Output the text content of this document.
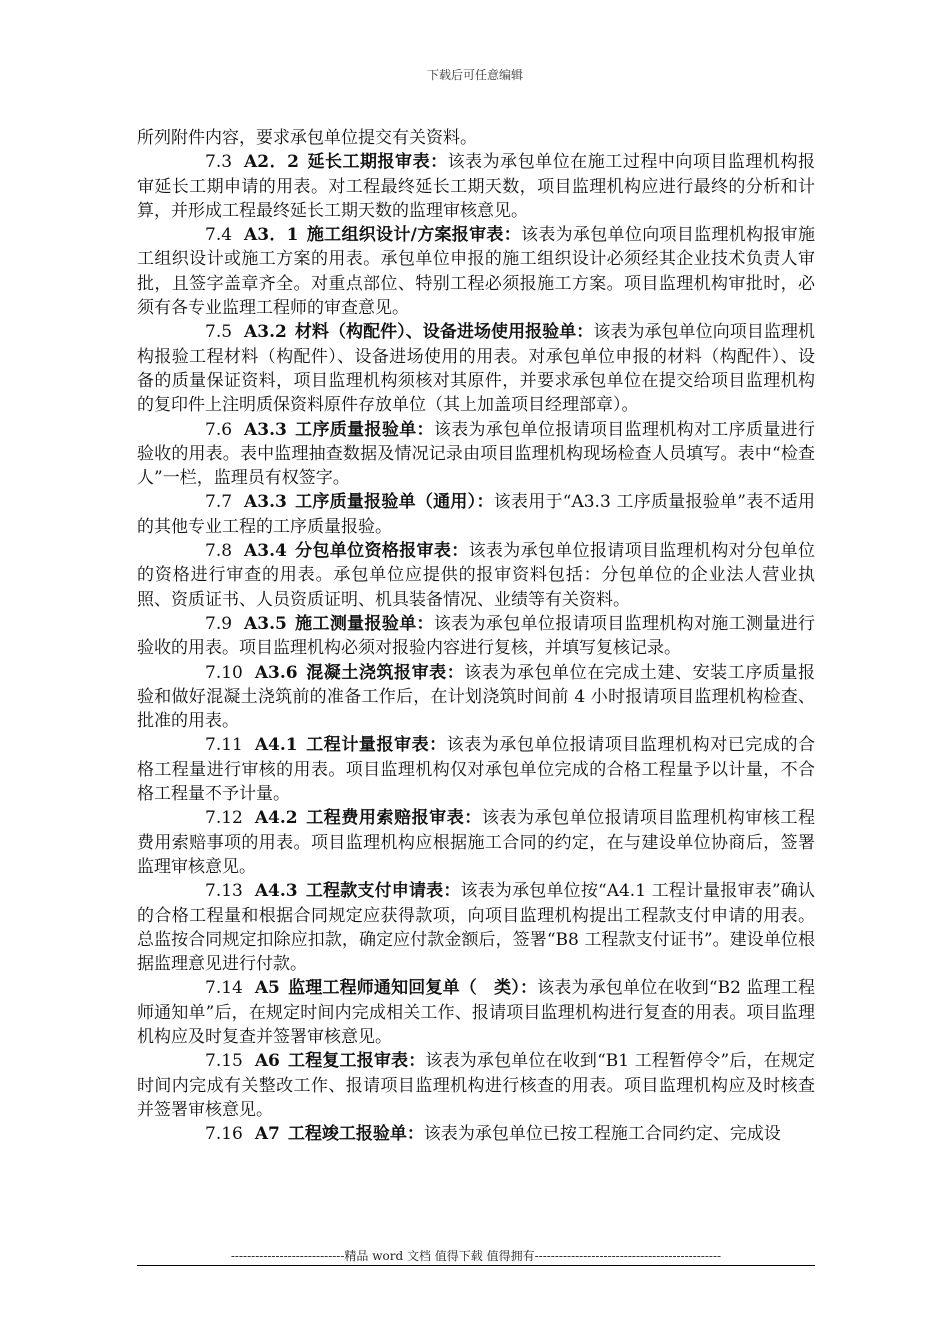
下载后可任意编辑

所列附件内容，要求承包单位提交有关资料。

7.3 A2．2 延长工期报审表：该表为承包单位在施工过程中向项目监理机构报审延长工期申请的用表。对工程最终延长工期天数，项目监理机构应进行最终的分析和计算，并形成工程最终延长工期天数的监理审核意见。

7.4 A3．1 施工组织设计/方案报审表：该表为承包单位向项目监理机构报审施工组织设计或施工方案的用表。承包单位申报的施工组织设计必须经其企业技术负责人审批，且签字盖章齐全。对重点部位、特别工程必须报施工方案。项目监理机构审批时，必须有各专业监理工程师的审查意见。

7.5 A3.2 材料（构配件）、设备进场使用报验单：该表为承包单位向项目监理机构报验工程材料（构配件）、设备进场使用的用表。对承包单位申报的材料（构配件）、设备的质量保证资料，项目监理机构须核对其原件，并要求承包单位在提交给项目监理机构的复印件上注明质保资料原件存放单位（其上加盖项目经理部章）。

7.6 A3.3 工序质量报验单：该表为承包单位报请项目监理机构对工序质量进行验收的用表。表中监理抽查数据及情况记录由项目监理机构现场检查人员填写。表中“检查人”一栏，监理员有权签字。

7.7 A3.3 工序质量报验单（通用）：该表用于“A3.3 工序质量报验单”表不适用的其他专业工程的工序质量报验。

7.8 A3.4 分包单位资格报审表：该表为承包单位报请项目监理机构对分包单位的资格进行审查的用表。承包单位应提供的报审资料包括：分包单位的企业法人营业执照、资质证书、人员资质证明、机具装备情况、业绩等有关资料。

7.9 A3.5 施工测量报验单：该表为承包单位报请项目监理机构对施工测量进行验收的用表。项目监理机构必须对报验内容进行复核，并填写复核记录。

7.10 A3.6 混凝土浇筑报审表：该表为承包单位在完成土建、安装工序质量报验和做好混凝土浇筑前的准备工作后，在计划浇筑时间前 4 小时报请项目监理机构检查、批准的用表。

7.11 A4.1 工程计量报审表：该表为承包单位报请项目监理机构对已完成的合格工程量进行审核的用表。项目监理机构仅对承包单位完成的合格工程量予以计量，不合格工程量不予计量。

7.12 A4.2 工程费用索赔报审表：该表为承包单位报请项目监理机构审核工程费用索赔事项的用表。项目监理机构应根据施工合同的约定，在与建设单位协商后，签署监理审核意见。

7.13 A4.3 工程款支付申请表：该表为承包单位按“A4.1 工程计量报审表”确认的合格工程量和根据合同规定应获得款项，向项目监理机构提出工程款支付申请的用表。总监按合同规定扣除应扣款，确定应付款金额后，签署“B8 工程款支付证书”。建设单位根据监理意见进行付款。

7.14 A5 监理工程师通知回复单（　类）：该表为承包单位在收到“B2 监理工程师通知单”后，在规定时间内完成相关工作、报请项目监理机构进行复查的用表。项目监理机构应及时复查并签署审核意见。

7.15 A6 工程复工报审表：该表为承包单位在收到“B1 工程暂停令”后，在规定时间内完成有关整改工作、报请项目监理机构进行核查的用表。项目监理机构应及时核查并签署审核意见。

7.16 A7 工程竣工报验单：该表为承包单位已按工程施工合同约定、完成设

----------------------------精品 word 文档 值得下载 值得拥有----------------------------------------------
